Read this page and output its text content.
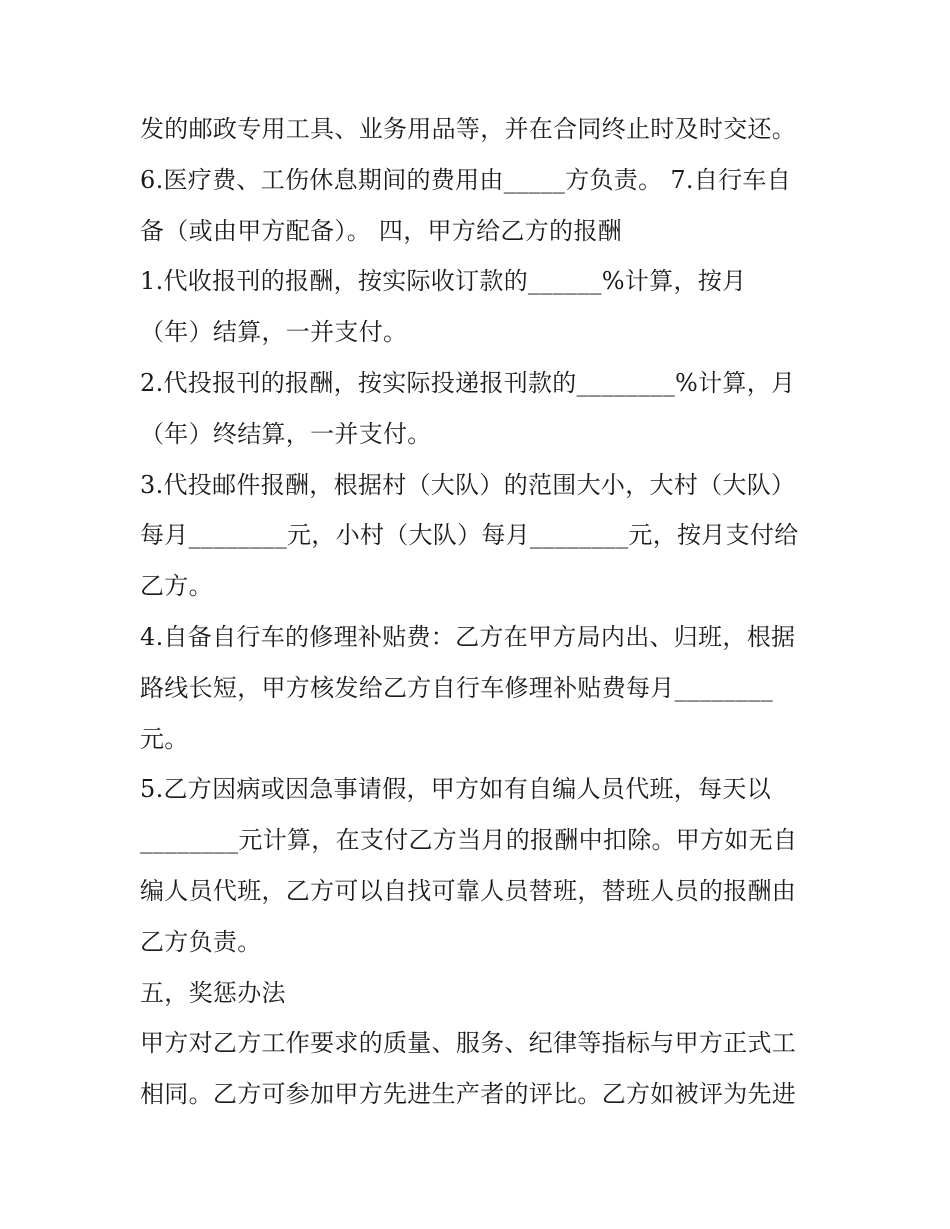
发的邮政专用工具、业务用品等，并在合同终止时及时交还。
6.医疗费、工伤休息期间的费用由_____方负责。 7.自行车自
备（或由甲方配备）。 四，甲方给乙方的报酬
1.代收报刊的报酬，按实际收订款的______%计算，按月
（年）结算，一并支付。
2.代投报刊的报酬，按实际投递报刊款的________%计算，月
（年）终结算，一并支付。
3.代投邮件报酬，根据村（大队）的范围大小，大村（大队）
每月________元，小村（大队）每月________元，按月支付给
乙方。
4.自备自行车的修理补贴费：乙方在甲方局内出、归班，根据
路线长短，甲方核发给乙方自行车修理补贴费每月________
元。
5.乙方因病或因急事请假，甲方如有自编人员代班，每天以
________元计算，在支付乙方当月的报酬中扣除。甲方如无自
编人员代班，乙方可以自找可靠人员替班，替班人员的报酬由
乙方负责。
五，奖惩办法
甲方对乙方工作要求的质量、服务、纪律等指标与甲方正式工
相同。乙方可参加甲方先进生产者的评比。乙方如被评为先进
